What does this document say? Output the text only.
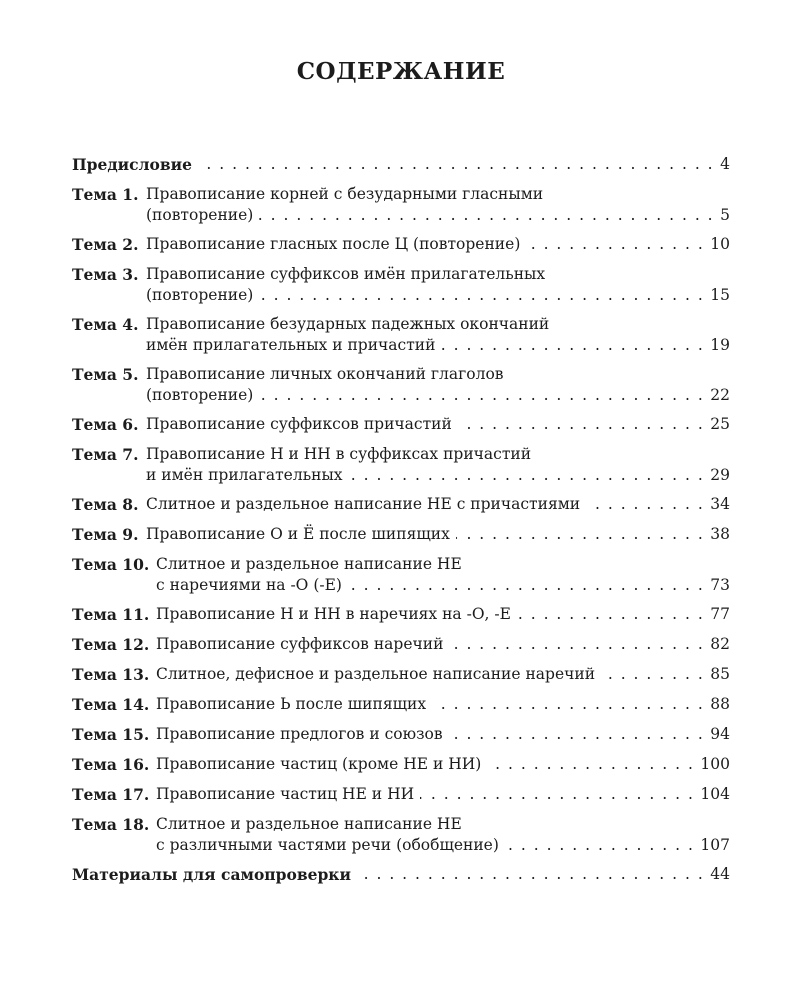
СОДЕРЖАНИЕ
Предисловие . . .	4
Тема 1. Правописание корней с безударными гласными
(повторение) . . .	5
Тема 2. Правописание гласных после Ц (повторение) . . .	10
Тема 3. Правописание суффиксов имён прилагательных
(повторение) . . .	15
Тема 4. Правописание безударных падежных окончаний
имён прилагательных и причастий . . .	19
Тема 5. Правописание личных окончаний глаголов
(повторение) . . .	22
Тема 6. Правописание суффиксов причастий . . .	25
Тема 7. Правописание Н и НН в суффиксах причастий
и имён прилагательных . . .	29
Тема 8. Слитное и раздельное написание НЕ с причастиями . . .	34
Тема 9. Правописание О и Ё после шипящих . . .	38
Тема 10. Слитное и раздельное написание НЕ
с наречиями на -О (-Е) . . .	73
Тема 11. Правописание Н и НН в наречиях на -О, -Е . . .	77
Тема 12. Правописание суффиксов наречий . . .	82
Тема 13. Слитное, дефисное и раздельное написание наречий . . .	85
Тема 14. Правописание Ь после шипящих . . .	88
Тема 15. Правописание предлогов и союзов . . .	94
Тема 16. Правописание частиц (кроме НЕ и НИ) . . .	100
Тема 17. Правописание частиц НЕ и НИ . . .	104
Тема 18. Слитное и раздельное написание НЕ
с различными частями речи (обобщение) . . .	107
Материалы для самопроверки . . .	44
